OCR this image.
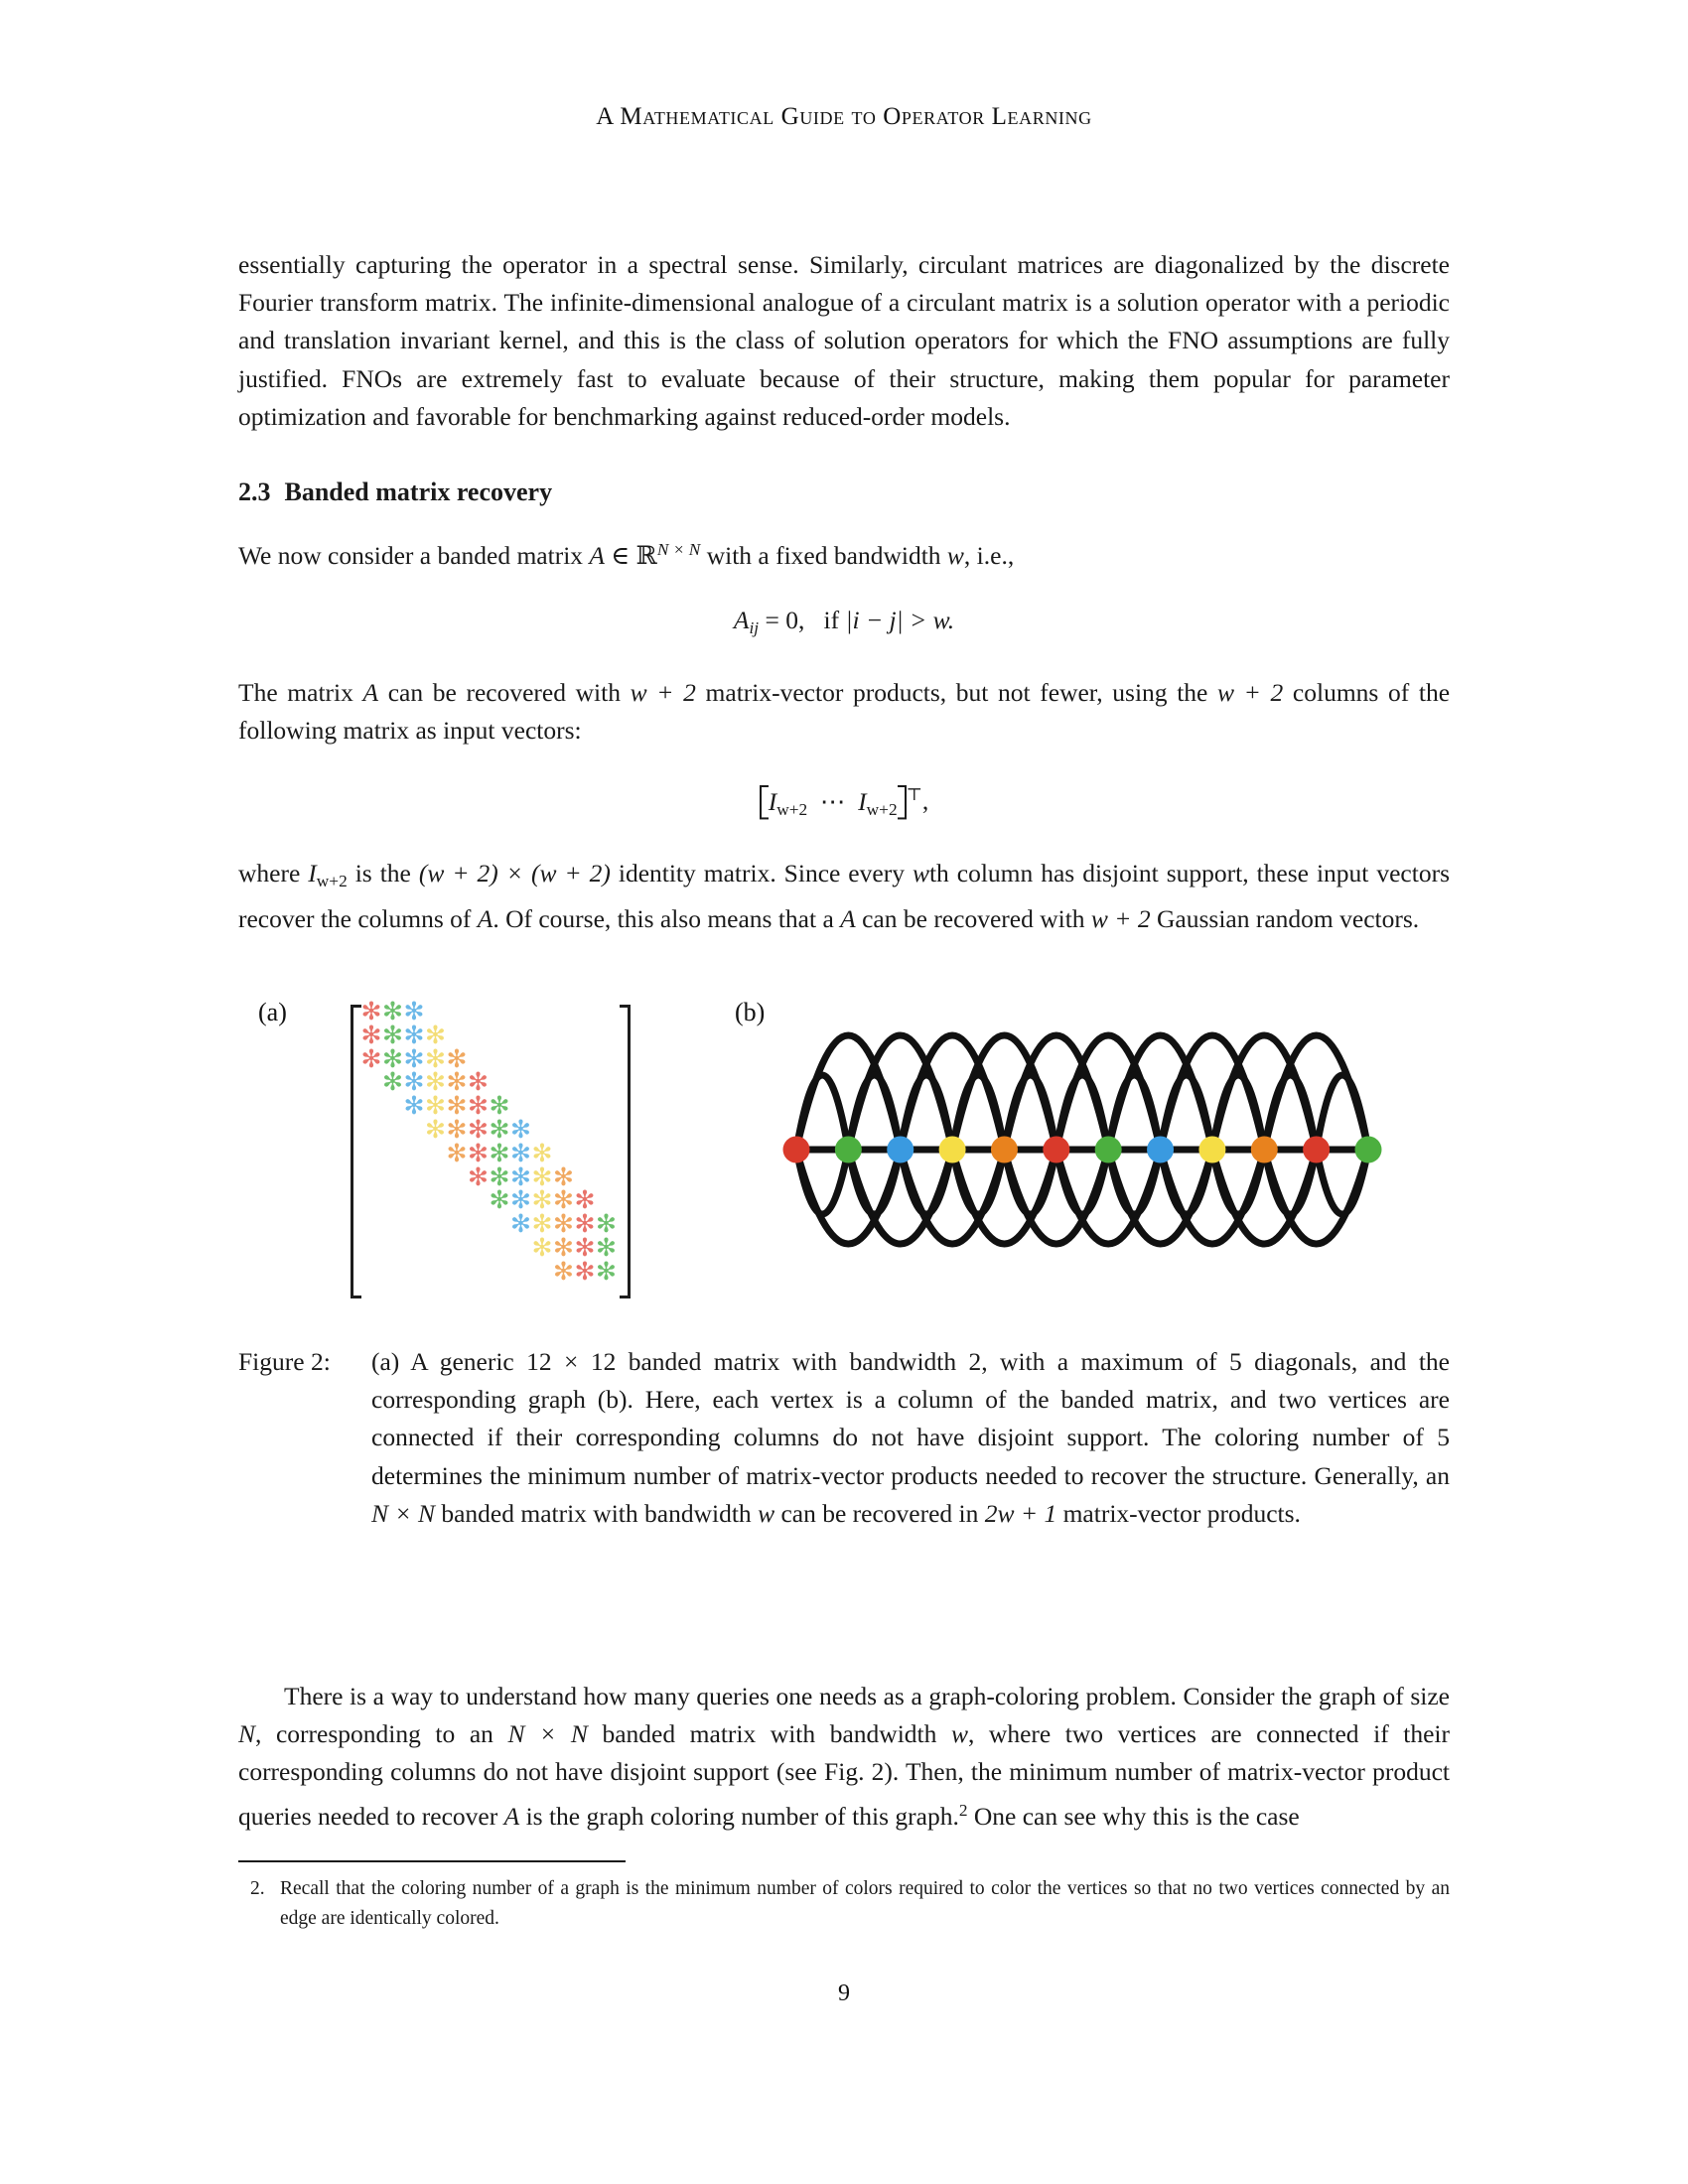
A Mathematical Guide to Operator Learning

essentially capturing the operator in a spectral sense. Similarly, circulant matrices are diagonalized by the discrete Fourier transform matrix. The infinite-dimensional analogue of a circulant matrix is a solution operator with a periodic and translation invariant kernel, and this is the class of solution operators for which the FNO assumptions are fully justified. FNOs are extremely fast to evaluate because of their structure, making them popular for parameter optimization and favorable for benchmarking against reduced-order models.

2.3 Banded matrix recovery

We now consider a banded matrix A ∈ ℝ$^{N \times N}$ with a fixed bandwidth w, i.e.,

$A_{ij} = 0$, if |i − j| > w.

The matrix A can be recovered with w + 2 matrix-vector products, but not fewer, using the w + 2 columns of the following matrix as input vectors:

$I_{w+2}$ ⋯ $I_{w+2}^⊤$,

where $I_{w+2}$ is the (w + 2) × (w + 2) identity matrix. Since every wth column has disjoint support, these input vectors recover the columns of A. Of course, this also means that a A can be recovered with w + 2 Gaussian random vectors.

(a)	(b)
✻ ✻ ✻
✻ ✻ ✻ ✻
✻ ✻ ✻ ✻ ✻
✻ ✻ ✻ ✻ ✻
✻ ✻ ✻ ✻ ✻
✻ ✻ ✻ ✻ ✻
✻ ✻ ✻ ✻ ✻
✻ ✻ ✻ ✻ ✻
✻ ✻ ✻ ✻ ✻
✻ ✻ ✻ ✻ ✻
✻ ✻ ✻ ✻
✻ ✻ ✻
Figure 2:	(a) A generic 12 × 12 banded matrix with bandwidth 2, with a maximum of 5 diagonals, and the corresponding graph (b). Here, each vertex is a column of the banded matrix, and two vertices are connected if their corresponding columns do not have disjoint support. The coloring number of 5 determines the minimum number of matrix-vector products needed to recover the structure. Generally, an N × N banded matrix with bandwidth w can be recovered in 2w + 1 matrix-vector products.

There is a way to understand how many queries one needs as a graph-coloring problem. Consider the graph of size N, corresponding to an N × N banded matrix with bandwidth w, where two vertices are connected if their corresponding columns do not have disjoint support (see Fig. 2). Then, the minimum number of matrix-vector product queries needed to recover A is the graph coloring number of this graph.$^2$ One can see why this is the case

2. Recall that the coloring number of a graph is the minimum number of colors required to color the vertices so that no two vertices connected by an edge are identically colored.
9
